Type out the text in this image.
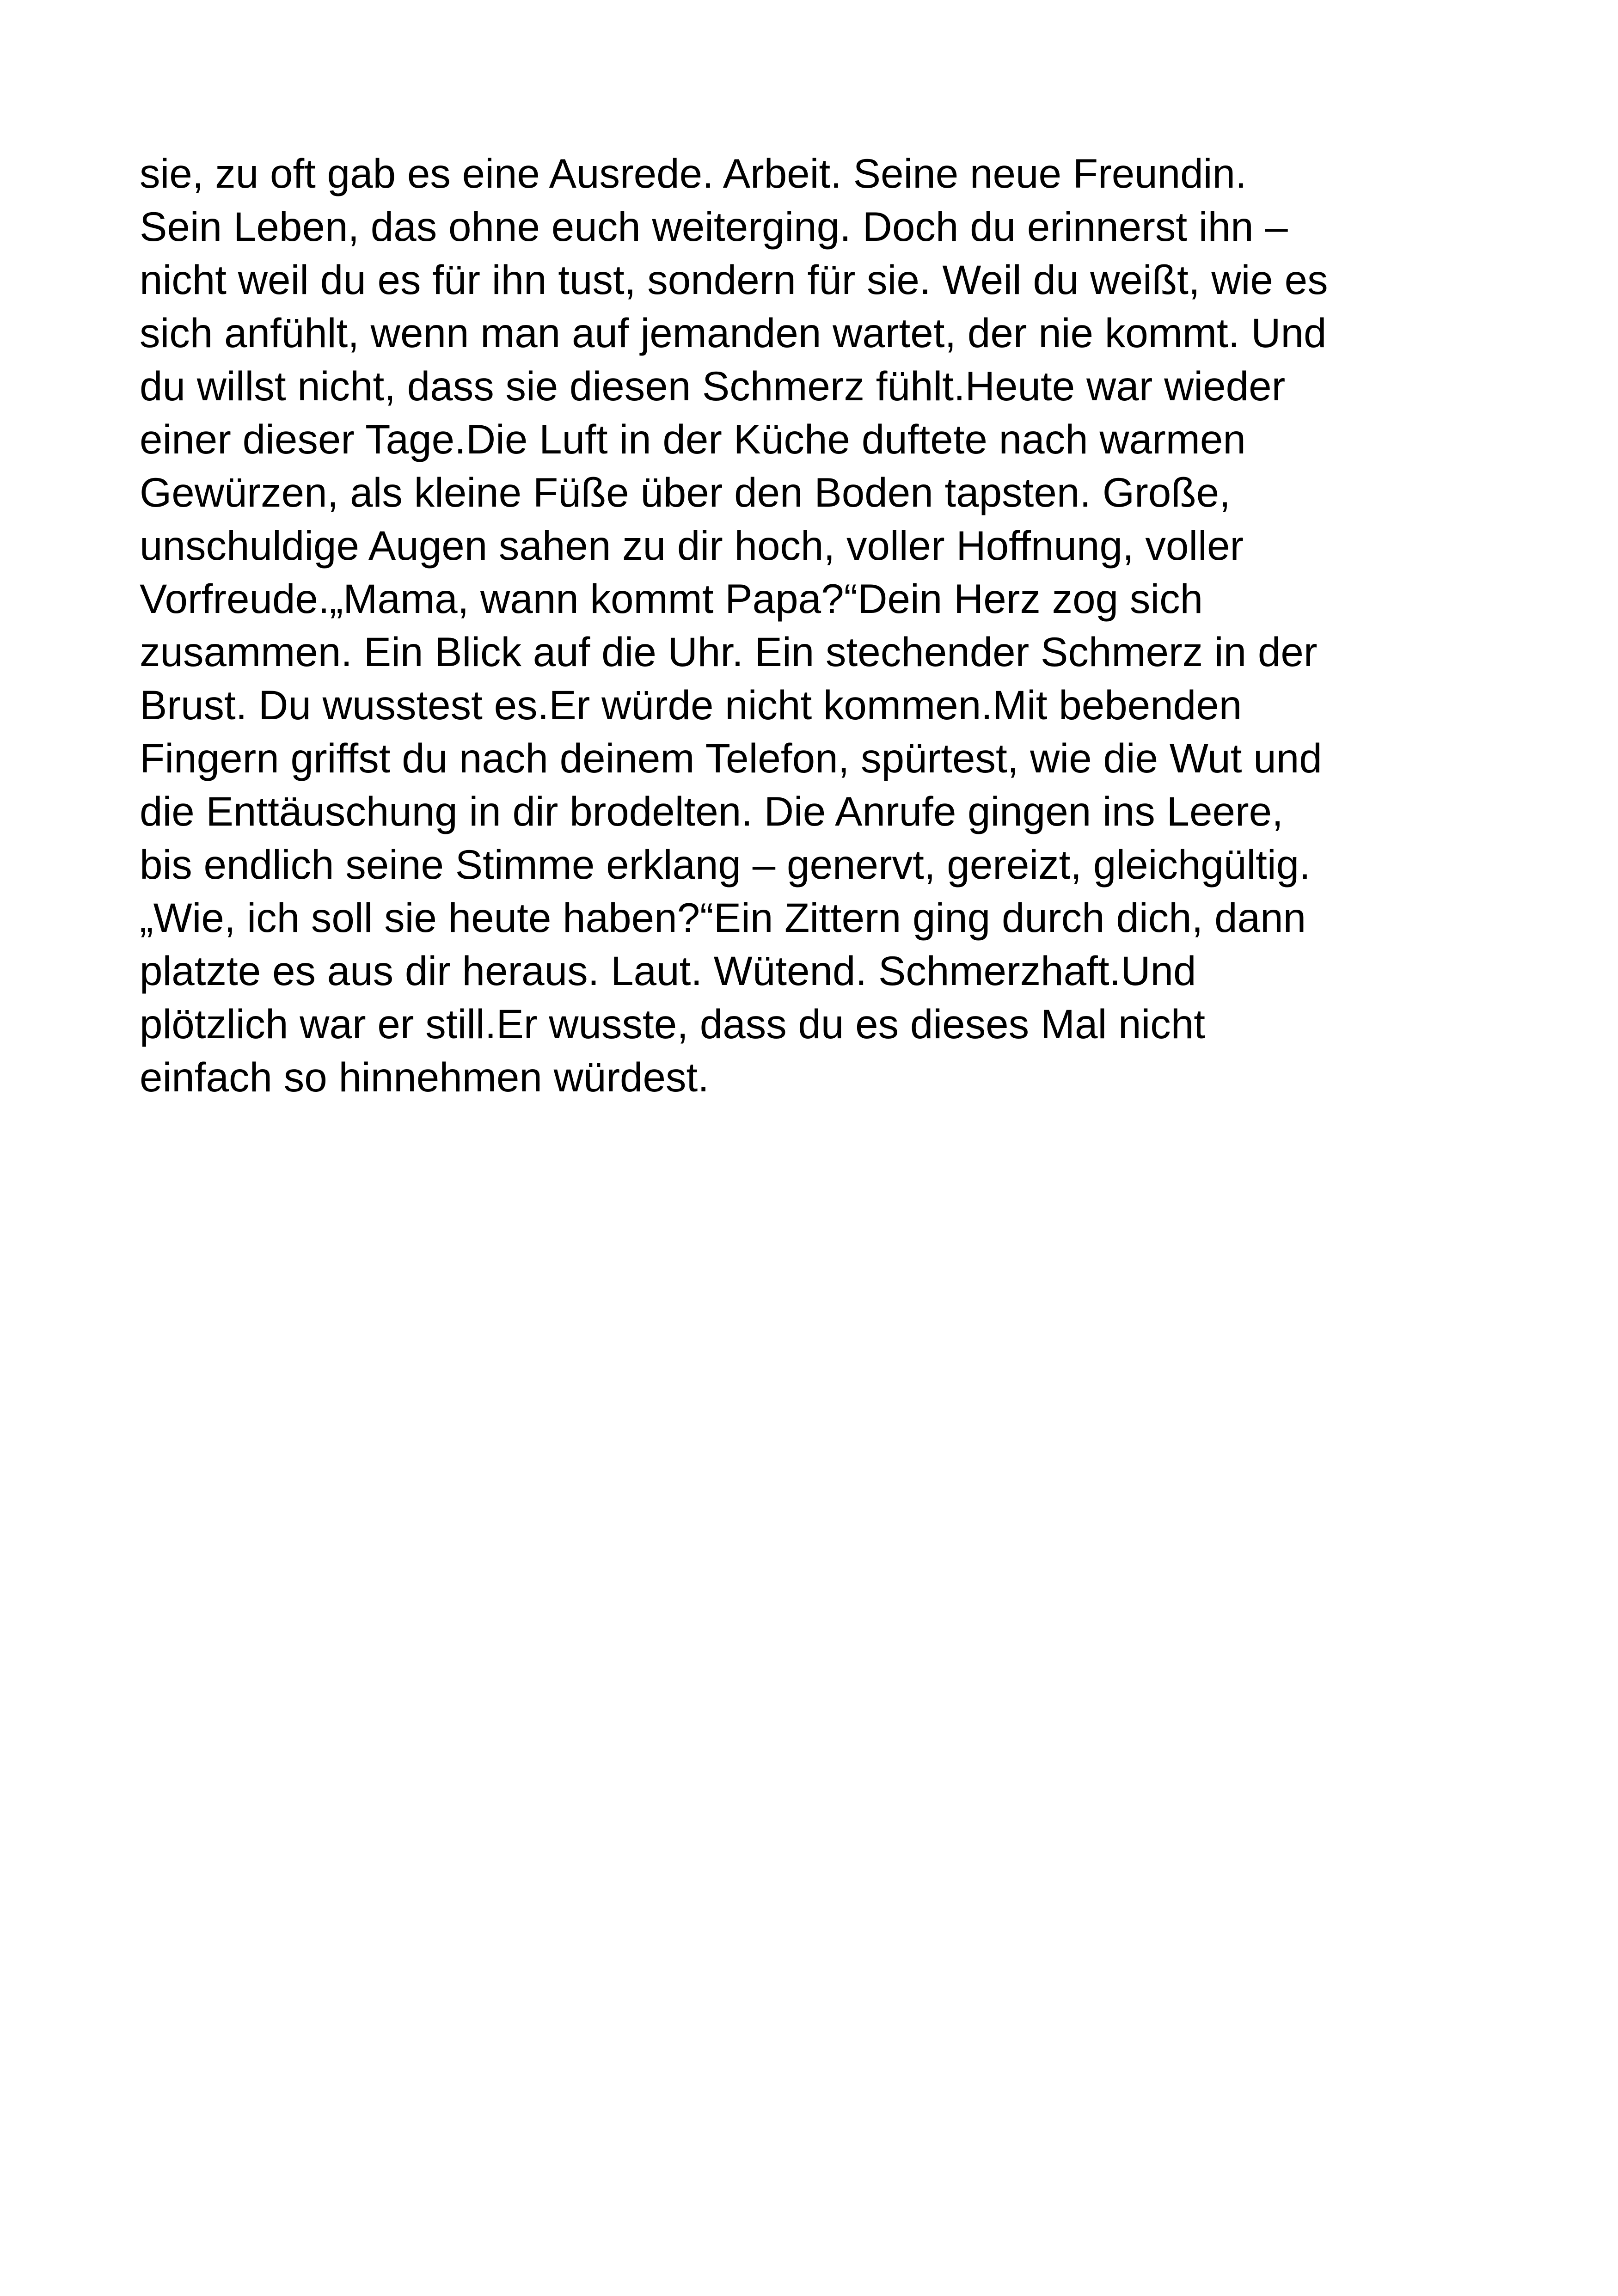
sie, zu oft gab es eine Ausrede. Arbeit. Seine neue Freundin.
Sein Leben, das ohne euch weiterging. Doch du erinnerst ihn –
nicht weil du es für ihn tust, sondern für sie. Weil du weißt, wie es
sich anfühlt, wenn man auf jemanden wartet, der nie kommt. Und
du willst nicht, dass sie diesen Schmerz fühlt.Heute war wieder
einer dieser Tage.Die Luft in der Küche duftete nach warmen
Gewürzen, als kleine Füße über den Boden tapsten. Große,
unschuldige Augen sahen zu dir hoch, voller Hoffnung, voller
Vorfreude.„Mama, wann kommt Papa?“Dein Herz zog sich
zusammen. Ein Blick auf die Uhr. Ein stechender Schmerz in der
Brust. Du wusstest es.Er würde nicht kommen.Mit bebenden
Fingern griffst du nach deinem Telefon, spürtest, wie die Wut und
die Enttäuschung in dir brodelten. Die Anrufe gingen ins Leere,
bis endlich seine Stimme erklang – genervt, gereizt, gleichgültig.
„Wie, ich soll sie heute haben?“Ein Zittern ging durch dich, dann
platzte es aus dir heraus. Laut. Wütend. Schmerzhaft.Und
plötzlich war er still.Er wusste, dass du es dieses Mal nicht
einfach so hinnehmen würdest.
